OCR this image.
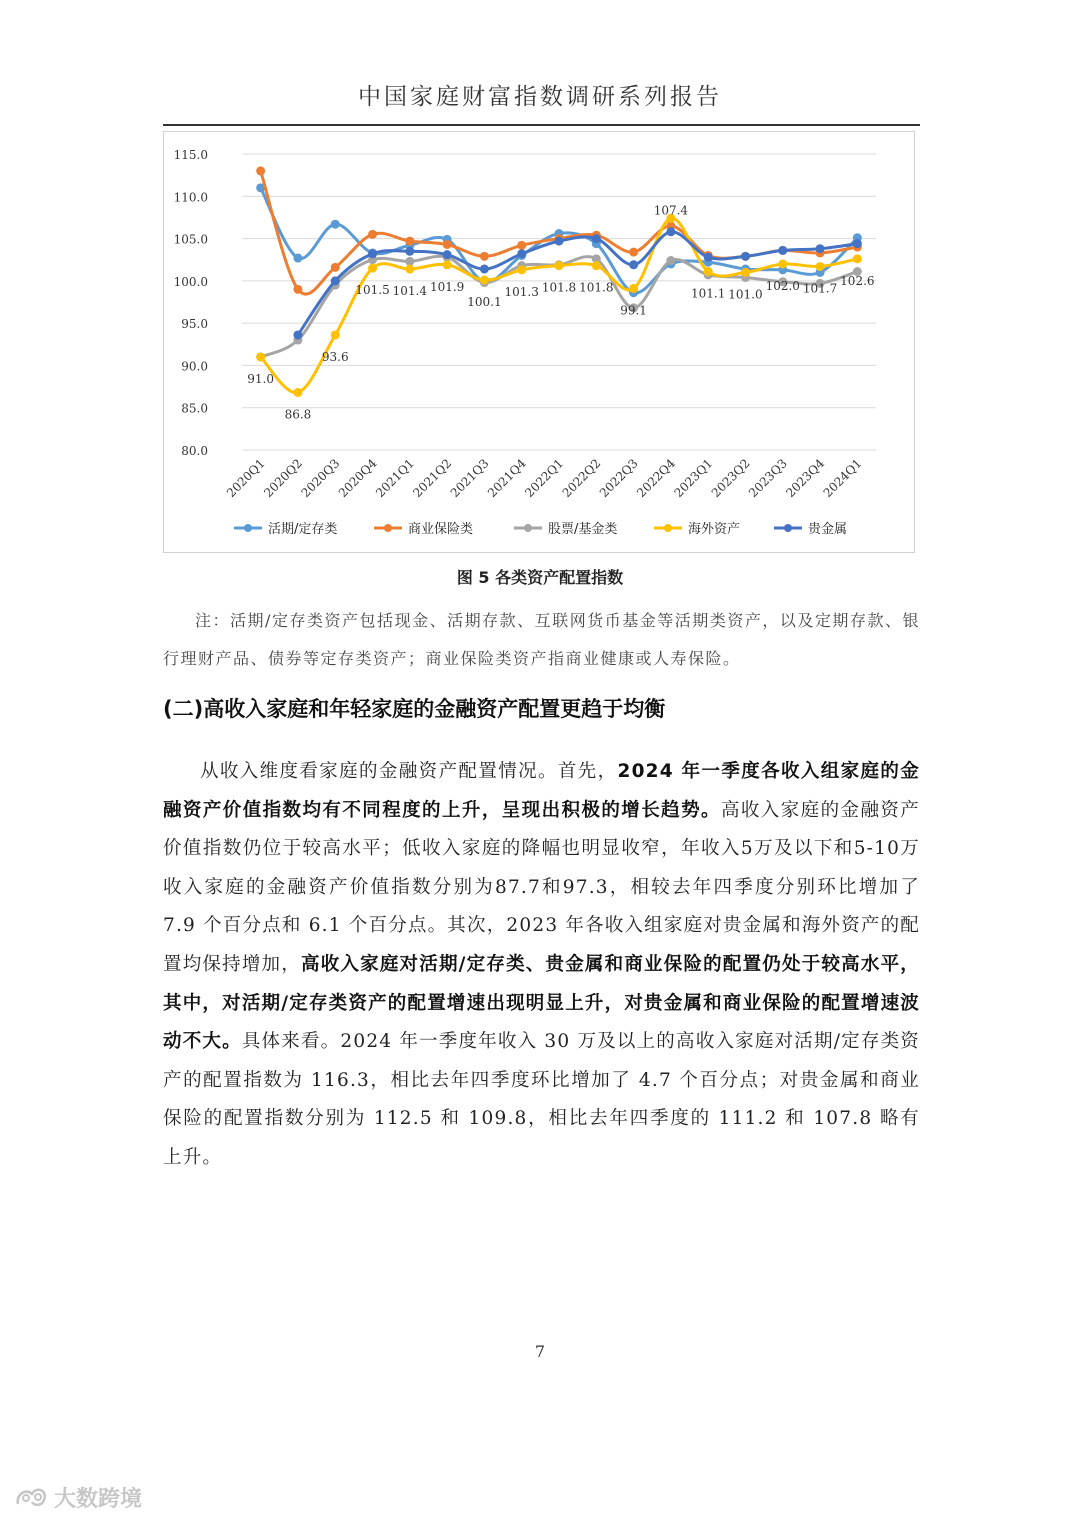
中国家庭财富指数调研系列报告
80.0
85.0
90.0
95.0
100.0
105.0
110.0
115.0
2020Q1
2020Q2
2020Q3
2020Q4
2021Q1
2021Q2
2021Q3
2021Q4
2022Q1
2022Q2
2022Q3
2022Q4
2023Q1
2023Q2
2023Q3
2023Q4
2024Q1
91.0
86.8
93.6
101.5 101.4 101.9
100.1
101.3 101.8 101.8
99.1
107.4
101.1 101.0
102.0 101.7
102.6
活期/定存类	商业保险类	股票/基金类	海外资产	贵金属
图 5 各类资产配置指数
注：活期/定存类资产包括现金、活期存款、互联网货币基金等活期类资产，以及定期存款、银行理财产品、债券等定存类资产；商业保险类资产指商业健康或人寿保险。
(二)高收入家庭和年轻家庭的金融资产配置更趋于均衡
从收入维度看家庭的金融资产配置情况。首先，2024 年一季度各收入组家庭的金融资产价值指数均有不同程度的上升，呈现出积极的增长趋势。高收入家庭的金融资产价值指数仍位于较高水平；低收入家庭的降幅也明显收窄，年收入5万及以下和5-10万收入家庭的金融资产价值指数分别为87.7和97.3，相较去年四季度分别环比增加了 7.9 个百分点和 6.1 个百分点。其次，2023 年各收入组家庭对贵金属和海外资产的配置均保持增加，高收入家庭对活期/定存类、贵金属和商业保险的配置仍处于较高水平，其中，对活期/定存类资产的配置增速出现明显上升，对贵金属和商业保险的配置增速波动不大。具体来看。2024 年一季度年收入 30 万及以上的高收入家庭对活期/定存类资产的配置指数为 116.3，相比去年四季度环比增加了 4.7 个百分点；对贵金属和商业保险的配置指数分别为 112.5 和 109.8，相比去年四季度的 111.2 和 107.8 略有上升。
7
大数跨境
